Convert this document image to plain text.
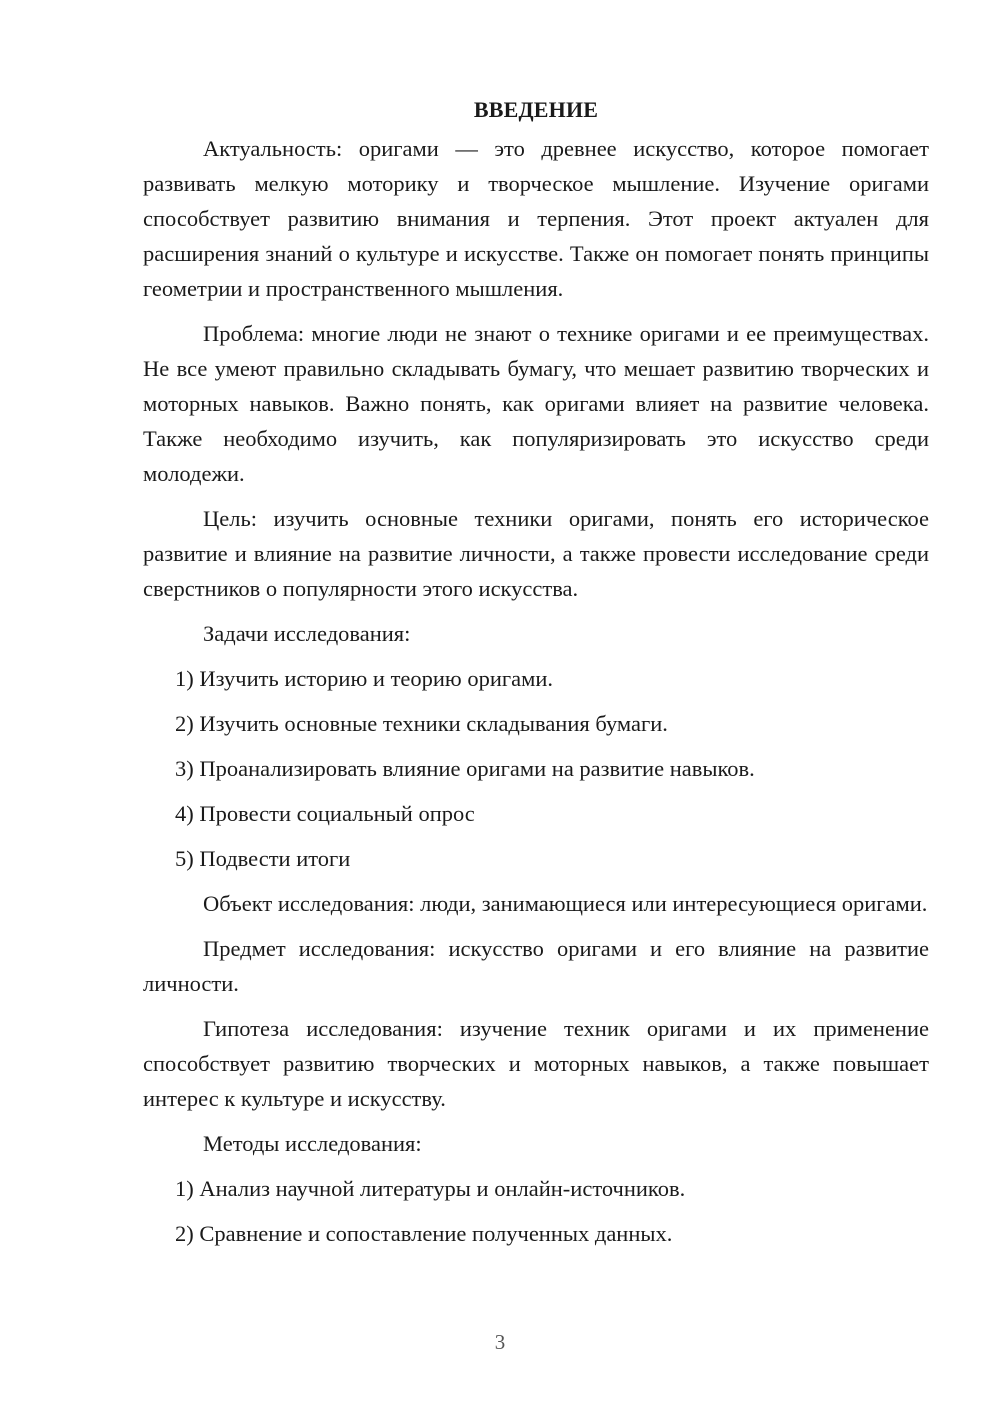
ВВЕДЕНИЕ

Актуальность: оригами — это древнее искусство, которое помогает развивать мелкую моторику и творческое мышление. Изучение оригами способствует развитию внимания и терпения. Этот проект актуален для расширения знаний о культуре и искусстве. Также он помогает понять принципы геометрии и пространственного мышления.

Проблема: многие люди не знают о технике оригами и ее преимуществах. Не все умеют правильно складывать бумагу, что мешает развитию творческих и моторных навыков. Важно понять, как оригами влияет на развитие человека. Также необходимо изучить, как популяризировать это искусство среди молодежи.

Цель: изучить основные техники оригами, понять его историческое развитие и влияние на развитие личности, а также провести исследование среди сверстников о популярности этого искусства.

Задачи исследования:

1) Изучить историю и теорию оригами.
2) Изучить основные техники складывания бумаги.
3) Проанализировать влияние оригами на развитие навыков.
4) Провести социальный опрос
5) Подвести итоги

Объект исследования: люди, занимающиеся или интересующиеся оригами.

Предмет исследования: искусство оригами и его влияние на развитие личности.

Гипотеза исследования: изучение техник оригами и их применение способствует развитию творческих и моторных навыков, а также повышает интерес к культуре и искусству.

Методы исследования:

1) Анализ научной литературы и онлайн-источников.
2) Сравнение и сопоставление полученных данных.
3
